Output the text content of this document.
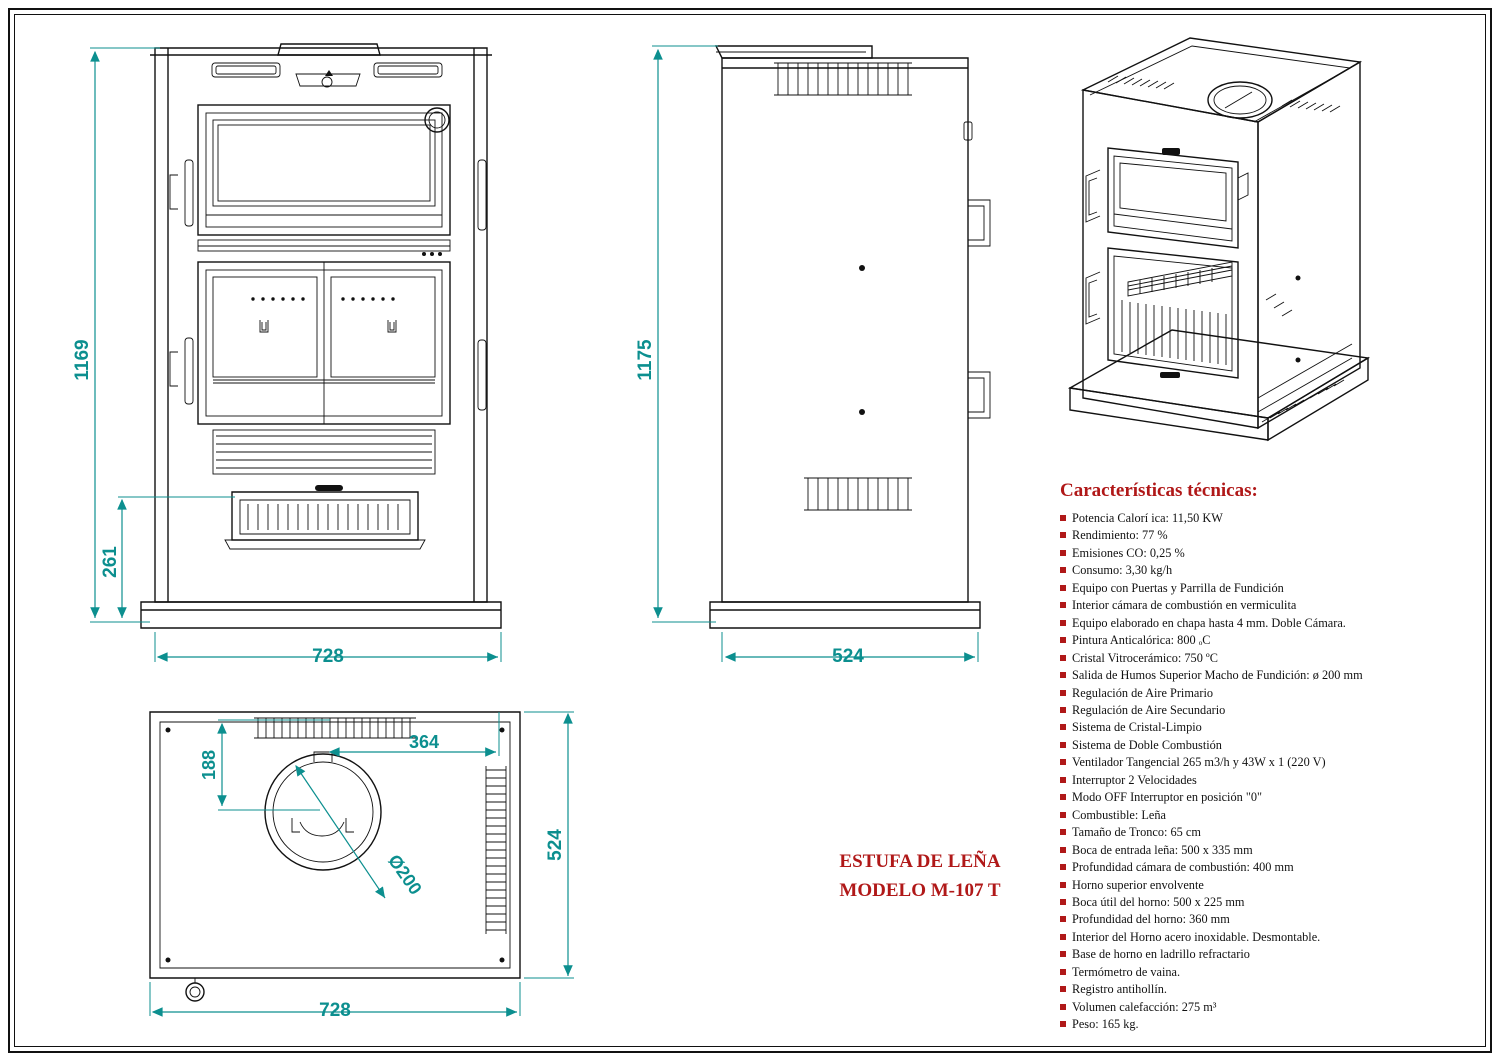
1169
261
728
1175
524
Ø200
188
364
524
728
ESTUFA DE LEÑA
MODELO M-107 T
Características técnicas:
Potencia Calorí ica: 11,50 KW
Rendimiento: 77 %
Emisiones CO: 0,25 %
Consumo: 3,30 kg/h
Equipo con Puertas y Parrilla de Fundición
Interior cámara de combustión en vermiculita
Equipo elaborado en chapa hasta 4 mm. Doble Cámara.
Pintura Anticalórica: 800 ₒC
Cristal Vitrocerámico: 750 ºC
Salida de Humos Superior Macho de Fundición: ø 200 mm
Regulación de Aire Primario
Regulación de Aire Secundario
Sistema de Cristal-Limpio
Sistema de Doble Combustión
Ventilador Tangencial 265 m3/h y 43W x 1 (220 V)
Interruptor 2 Velocidades
Modo OFF Interruptor en posición "0"
Combustible: Leña
Tamaño de Tronco: 65 cm
Boca de entrada leña: 500 x 335 mm
Profundidad cámara de combustión: 400 mm
Horno superior envolvente
Boca útil del horno: 500 x 225 mm
Profundidad del horno: 360 mm
Interior del Horno acero inoxidable. Desmontable.
Base de horno en ladrillo refractario
Termómetro de vaina.
Registro antihollín.
Volumen calefacción: 275 m³
Peso: 165 kg.
